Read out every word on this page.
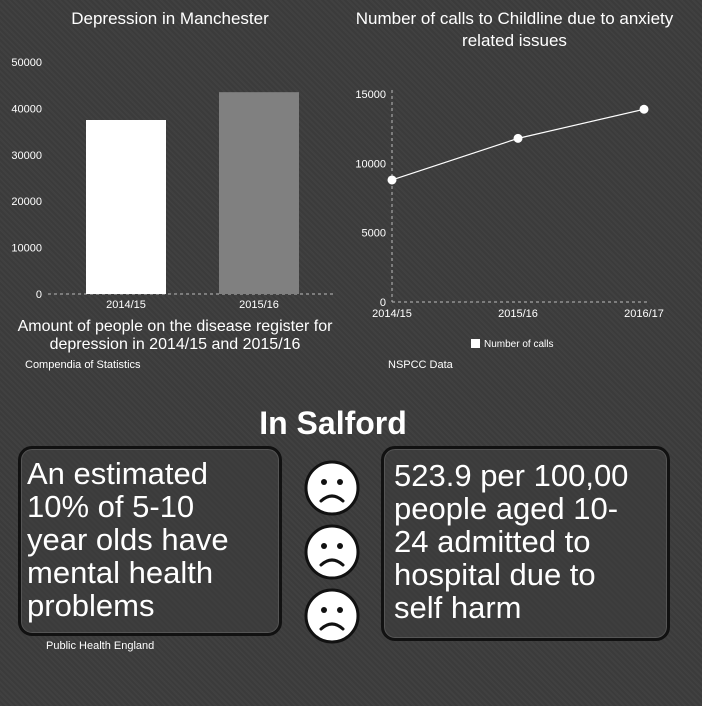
Depression in Manchester
0
10000
20000
30000
40000
50000
2014/15	2015/16
Amount of people on the disease register for depression in 2014/15 and 2015/16
Compendia of Statistics
Number of calls to Childline due to anxiety related issues
0
5000
10000
15000
2014/15	2015/16	2016/17
Number of calls
NSPCC Data
In Salford
An estimated
10% of 5-10
year olds have
mental health
problems
Public Health England
523.9 per 100,00
people aged 10-
24 admitted to
hospital due to
self harm
